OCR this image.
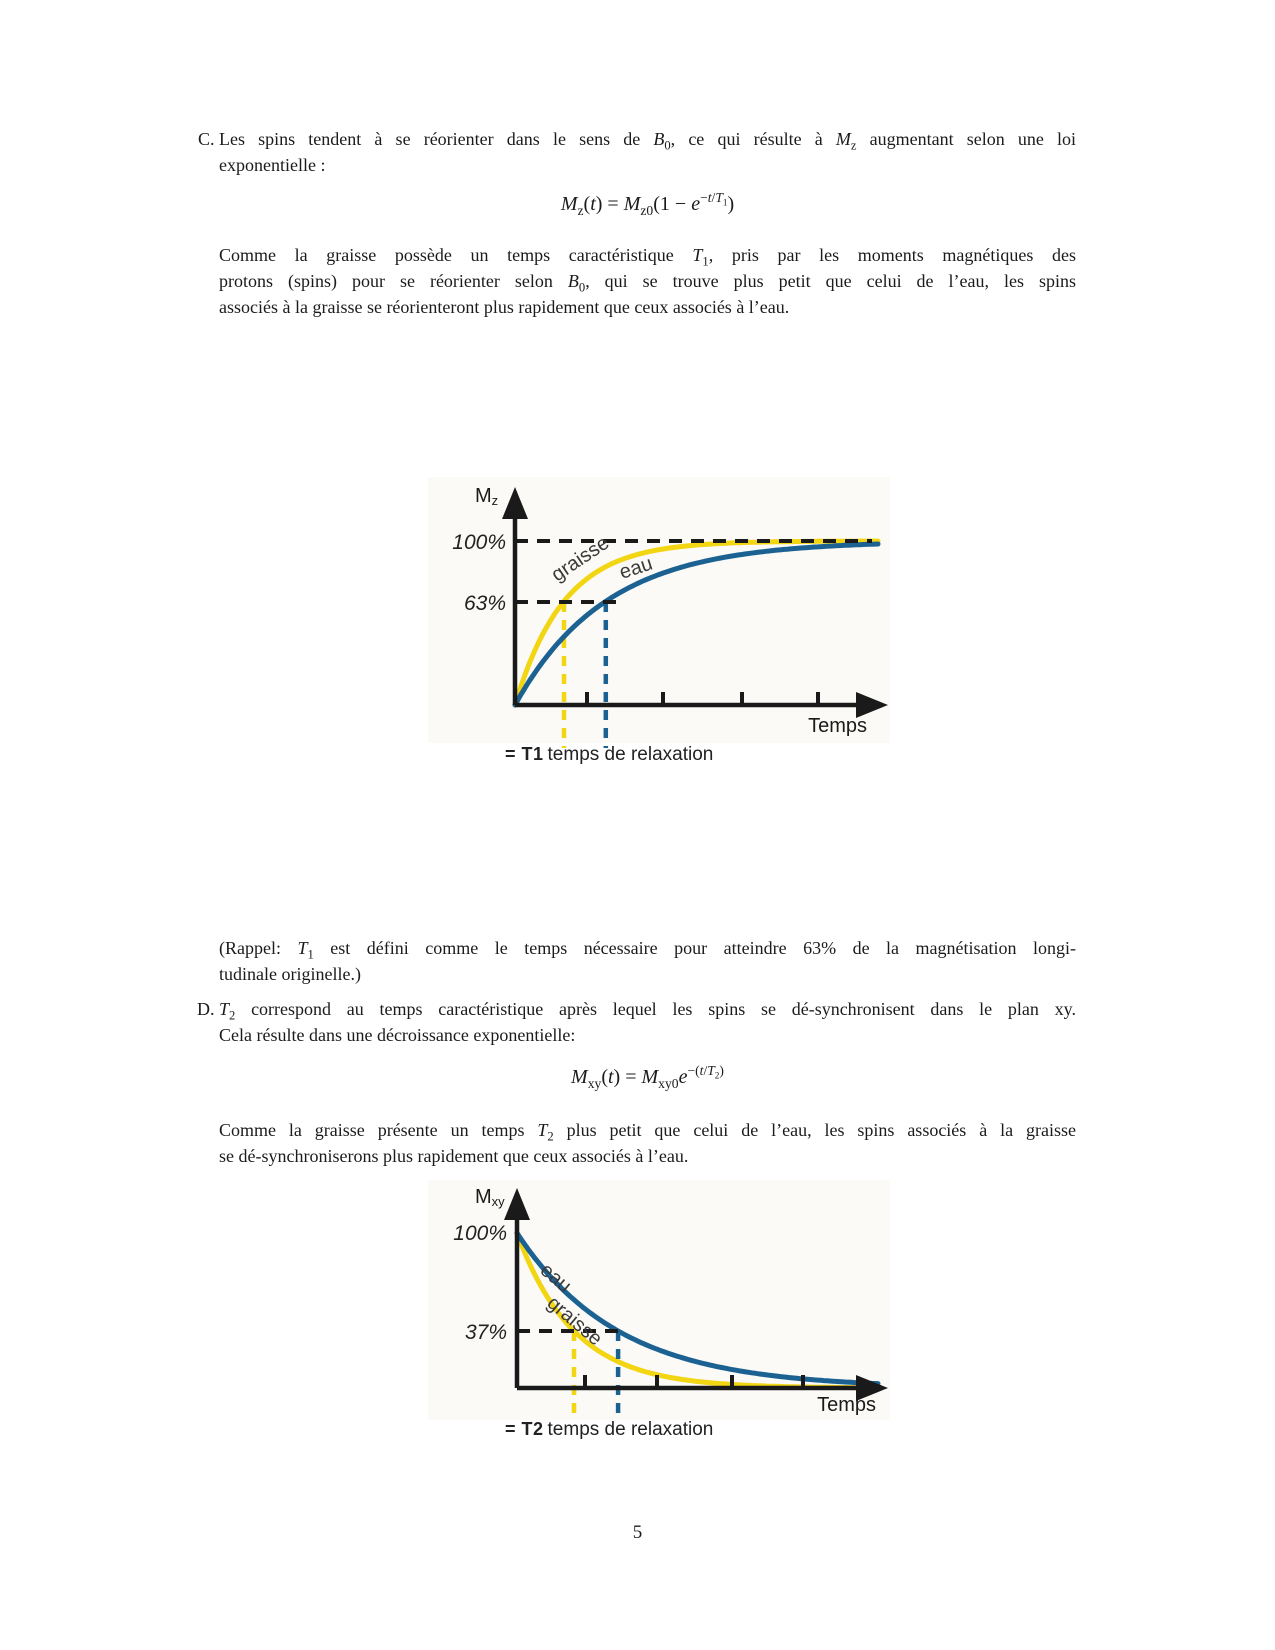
C. Les spins tendent à se réorienter dans le sens de $B_0$, ce qui résulte à $M_z$ augmentant selon une loi
exponentielle :
$M_z(t) = M_{z0}(1 - e^{-t/T_1})$
Comme la graisse possède un temps caractéristique $T_1$, pris par les moments magnétiques des
protons (spins) pour se réorienter selon $B_0$, qui se trouve plus petit que celui de l’eau, les spins
associés à la graisse se réorienteront plus rapidement que ceux associés à l’eau.
Mz
100%
63%
graisse eau
Temps
= T1 temps de relaxation
(Rappel: $T_1$ est défini comme le temps nécessaire pour atteindre 63% de la magnétisation longi-
tudinale originelle.)
D. $T_2$ correspond au temps caractéristique après lequel les spins se dé-synchronisent dans le plan xy.
Cela résulte dans une décroissance exponentielle:
$M_{xy}(t) = M_{xy0}e^{-(t/T_2)}$
Comme la graisse présente un temps $T_2$ plus petit que celui de l’eau, les spins associés à la graisse
se dé-synchroniserons plus rapidement que ceux associés à l’eau.
Mxy
100%
37%
eau
graisse
Temps
= T2 temps de relaxation
5
